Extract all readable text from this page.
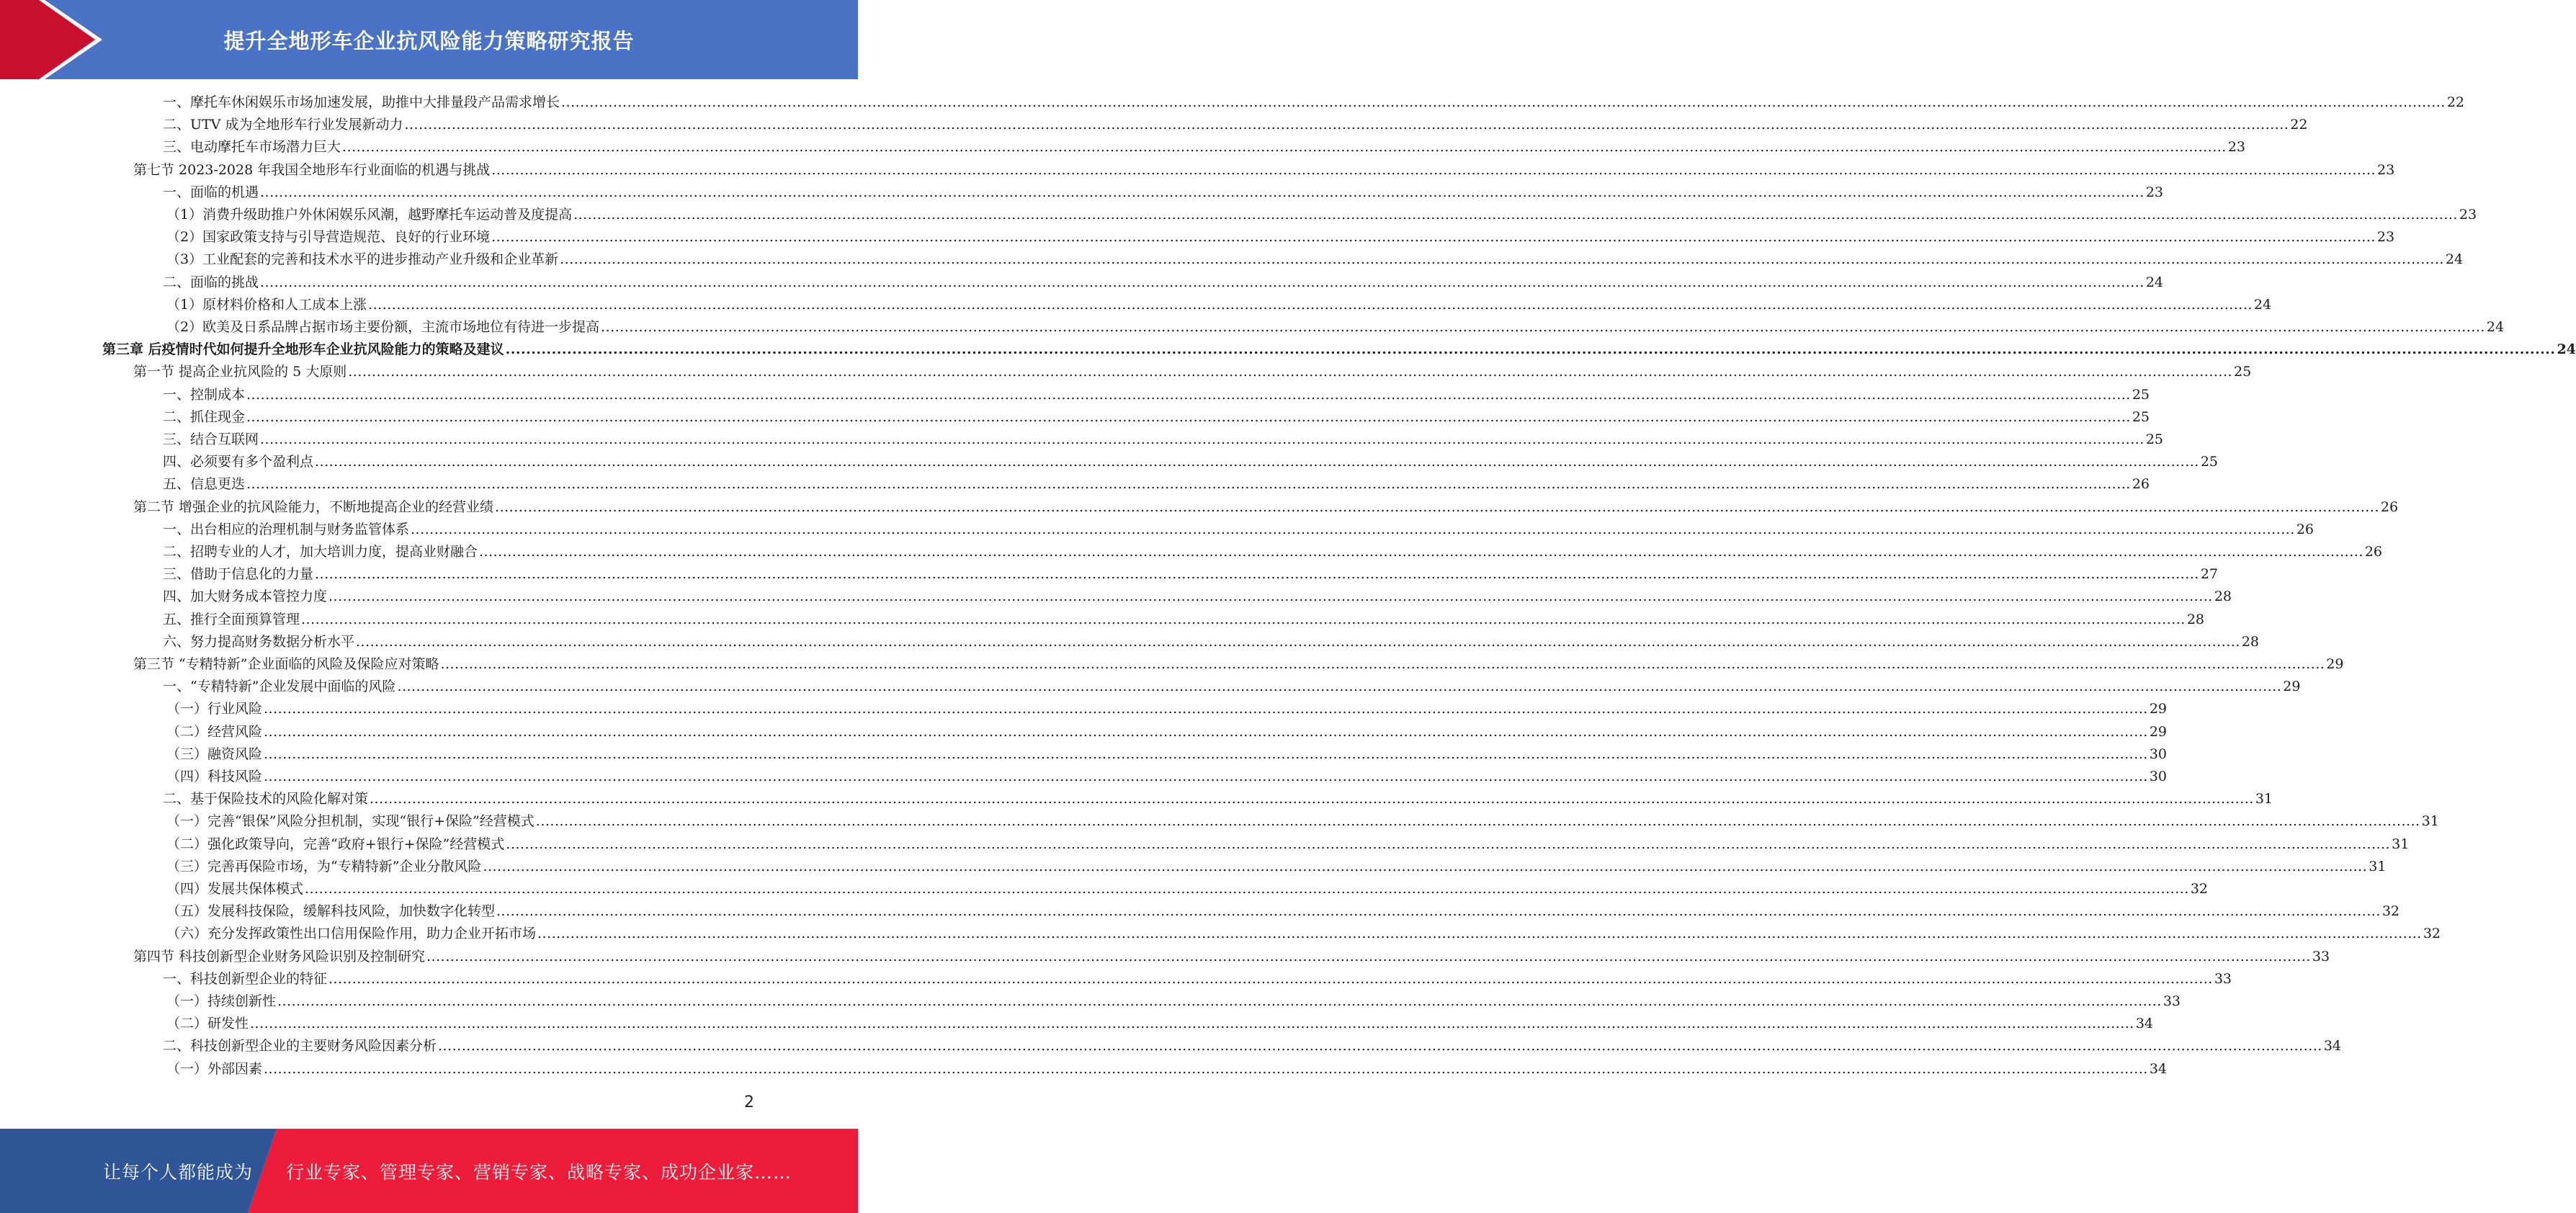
提升全地形车企业抗风险能力策略研究报告
一、摩托车休闲娱乐市场加速发展，助推中大排量段产品需求增长 ................................................................................................................................................................................................................................................................................................................................................................................................................ 22
二、UTV 成为全地形车行业发展新动力 ................................................................................................................................................................................................................................................................................................................................................................................................................ 22
三、电动摩托车市场潜力巨大 ................................................................................................................................................................................................................................................................................................................................................................................................................ 23
第七节 2023-2028 年我国全地形车行业面临的机遇与挑战 ................................................................................................................................................................................................................................................................................................................................................................................................................ 23
一、面临的机遇 ................................................................................................................................................................................................................................................................................................................................................................................................................ 23
（1）消费升级助推户外休闲娱乐风潮，越野摩托车运动普及度提高 ................................................................................................................................................................................................................................................................................................................................................................................................................ 23
（2）国家政策支持与引导营造规范、良好的行业环境 ................................................................................................................................................................................................................................................................................................................................................................................................................ 23
（3）工业配套的完善和技术水平的进步推动产业升级和企业革新 ................................................................................................................................................................................................................................................................................................................................................................................................................ 24
二、面临的挑战 ................................................................................................................................................................................................................................................................................................................................................................................................................ 24
（1）原材料价格和人工成本上涨 ................................................................................................................................................................................................................................................................................................................................................................................................................ 24
（2）欧美及日系品牌占据市场主要份额，主流市场地位有待进一步提高 ................................................................................................................................................................................................................................................................................................................................................................................................................ 24
第三章 后疫情时代如何提升全地形车企业抗风险能力的策略及建议 ................................................................................................................................................................................................................................................................................................................................................................................................................ 24
第一节 提高企业抗风险的 5 大原则 ................................................................................................................................................................................................................................................................................................................................................................................................................ 25
一、控制成本 ................................................................................................................................................................................................................................................................................................................................................................................................................ 25
二、抓住现金 ................................................................................................................................................................................................................................................................................................................................................................................................................ 25
三、结合互联网 ................................................................................................................................................................................................................................................................................................................................................................................................................ 25
四、必须要有多个盈利点 ................................................................................................................................................................................................................................................................................................................................................................................................................ 25
五、信息更迭 ................................................................................................................................................................................................................................................................................................................................................................................................................ 26
第二节 增强企业的抗风险能力，不断地提高企业的经营业绩 ................................................................................................................................................................................................................................................................................................................................................................................................................ 26
一、出台相应的治理机制与财务监管体系 ................................................................................................................................................................................................................................................................................................................................................................................................................ 26
二、招聘专业的人才，加大培训力度，提高业财融合 ................................................................................................................................................................................................................................................................................................................................................................................................................ 26
三、借助于信息化的力量 ................................................................................................................................................................................................................................................................................................................................................................................................................ 27
四、加大财务成本管控力度 ................................................................................................................................................................................................................................................................................................................................................................................................................ 28
五、推行全面预算管理 ................................................................................................................................................................................................................................................................................................................................................................................................................ 28
六、努力提高财务数据分析水平 ................................................................................................................................................................................................................................................................................................................................................................................................................ 28
第三节 “专精特新”企业面临的风险及保险应对策略 ................................................................................................................................................................................................................................................................................................................................................................................................................ 29
一、“专精特新”企业发展中面临的风险 ................................................................................................................................................................................................................................................................................................................................................................................................................ 29
（一）行业风险 ................................................................................................................................................................................................................................................................................................................................................................................................................ 29
（二）经营风险 ................................................................................................................................................................................................................................................................................................................................................................................................................ 29
（三）融资风险 ................................................................................................................................................................................................................................................................................................................................................................................................................ 30
（四）科技风险 ................................................................................................................................................................................................................................................................................................................................................................................................................ 30
二、基于保险技术的风险化解对策 ................................................................................................................................................................................................................................................................................................................................................................................................................ 31
（一）完善“银保”风险分担机制，实现“银行+保险”经营模式 ................................................................................................................................................................................................................................................................................................................................................................................................................ 31
（二）强化政策导向，完善“政府+银行+保险”经营模式 ................................................................................................................................................................................................................................................................................................................................................................................................................ 31
（三）完善再保险市场，为“专精特新”企业分散风险 ................................................................................................................................................................................................................................................................................................................................................................................................................ 31
（四）发展共保体模式 ................................................................................................................................................................................................................................................................................................................................................................................................................ 32
（五）发展科技保险，缓解科技风险，加快数字化转型 ................................................................................................................................................................................................................................................................................................................................................................................................................ 32
（六）充分发挥政策性出口信用保险作用，助力企业开拓市场 ................................................................................................................................................................................................................................................................................................................................................................................................................ 32
第四节 科技创新型企业财务风险识别及控制研究 ................................................................................................................................................................................................................................................................................................................................................................................................................ 33
一、科技创新型企业的特征 ................................................................................................................................................................................................................................................................................................................................................................................................................ 33
（一）持续创新性 ................................................................................................................................................................................................................................................................................................................................................................................................................ 33
（二）研发性 ................................................................................................................................................................................................................................................................................................................................................................................................................ 34
二、科技创新型企业的主要财务风险因素分析 ................................................................................................................................................................................................................................................................................................................................................................................................................ 34
（一）外部因素 ................................................................................................................................................................................................................................................................................................................................................................................................................ 34
2
让每个人都能成为 行业专家、管理专家、营销专家、战略专家、成功企业家……
